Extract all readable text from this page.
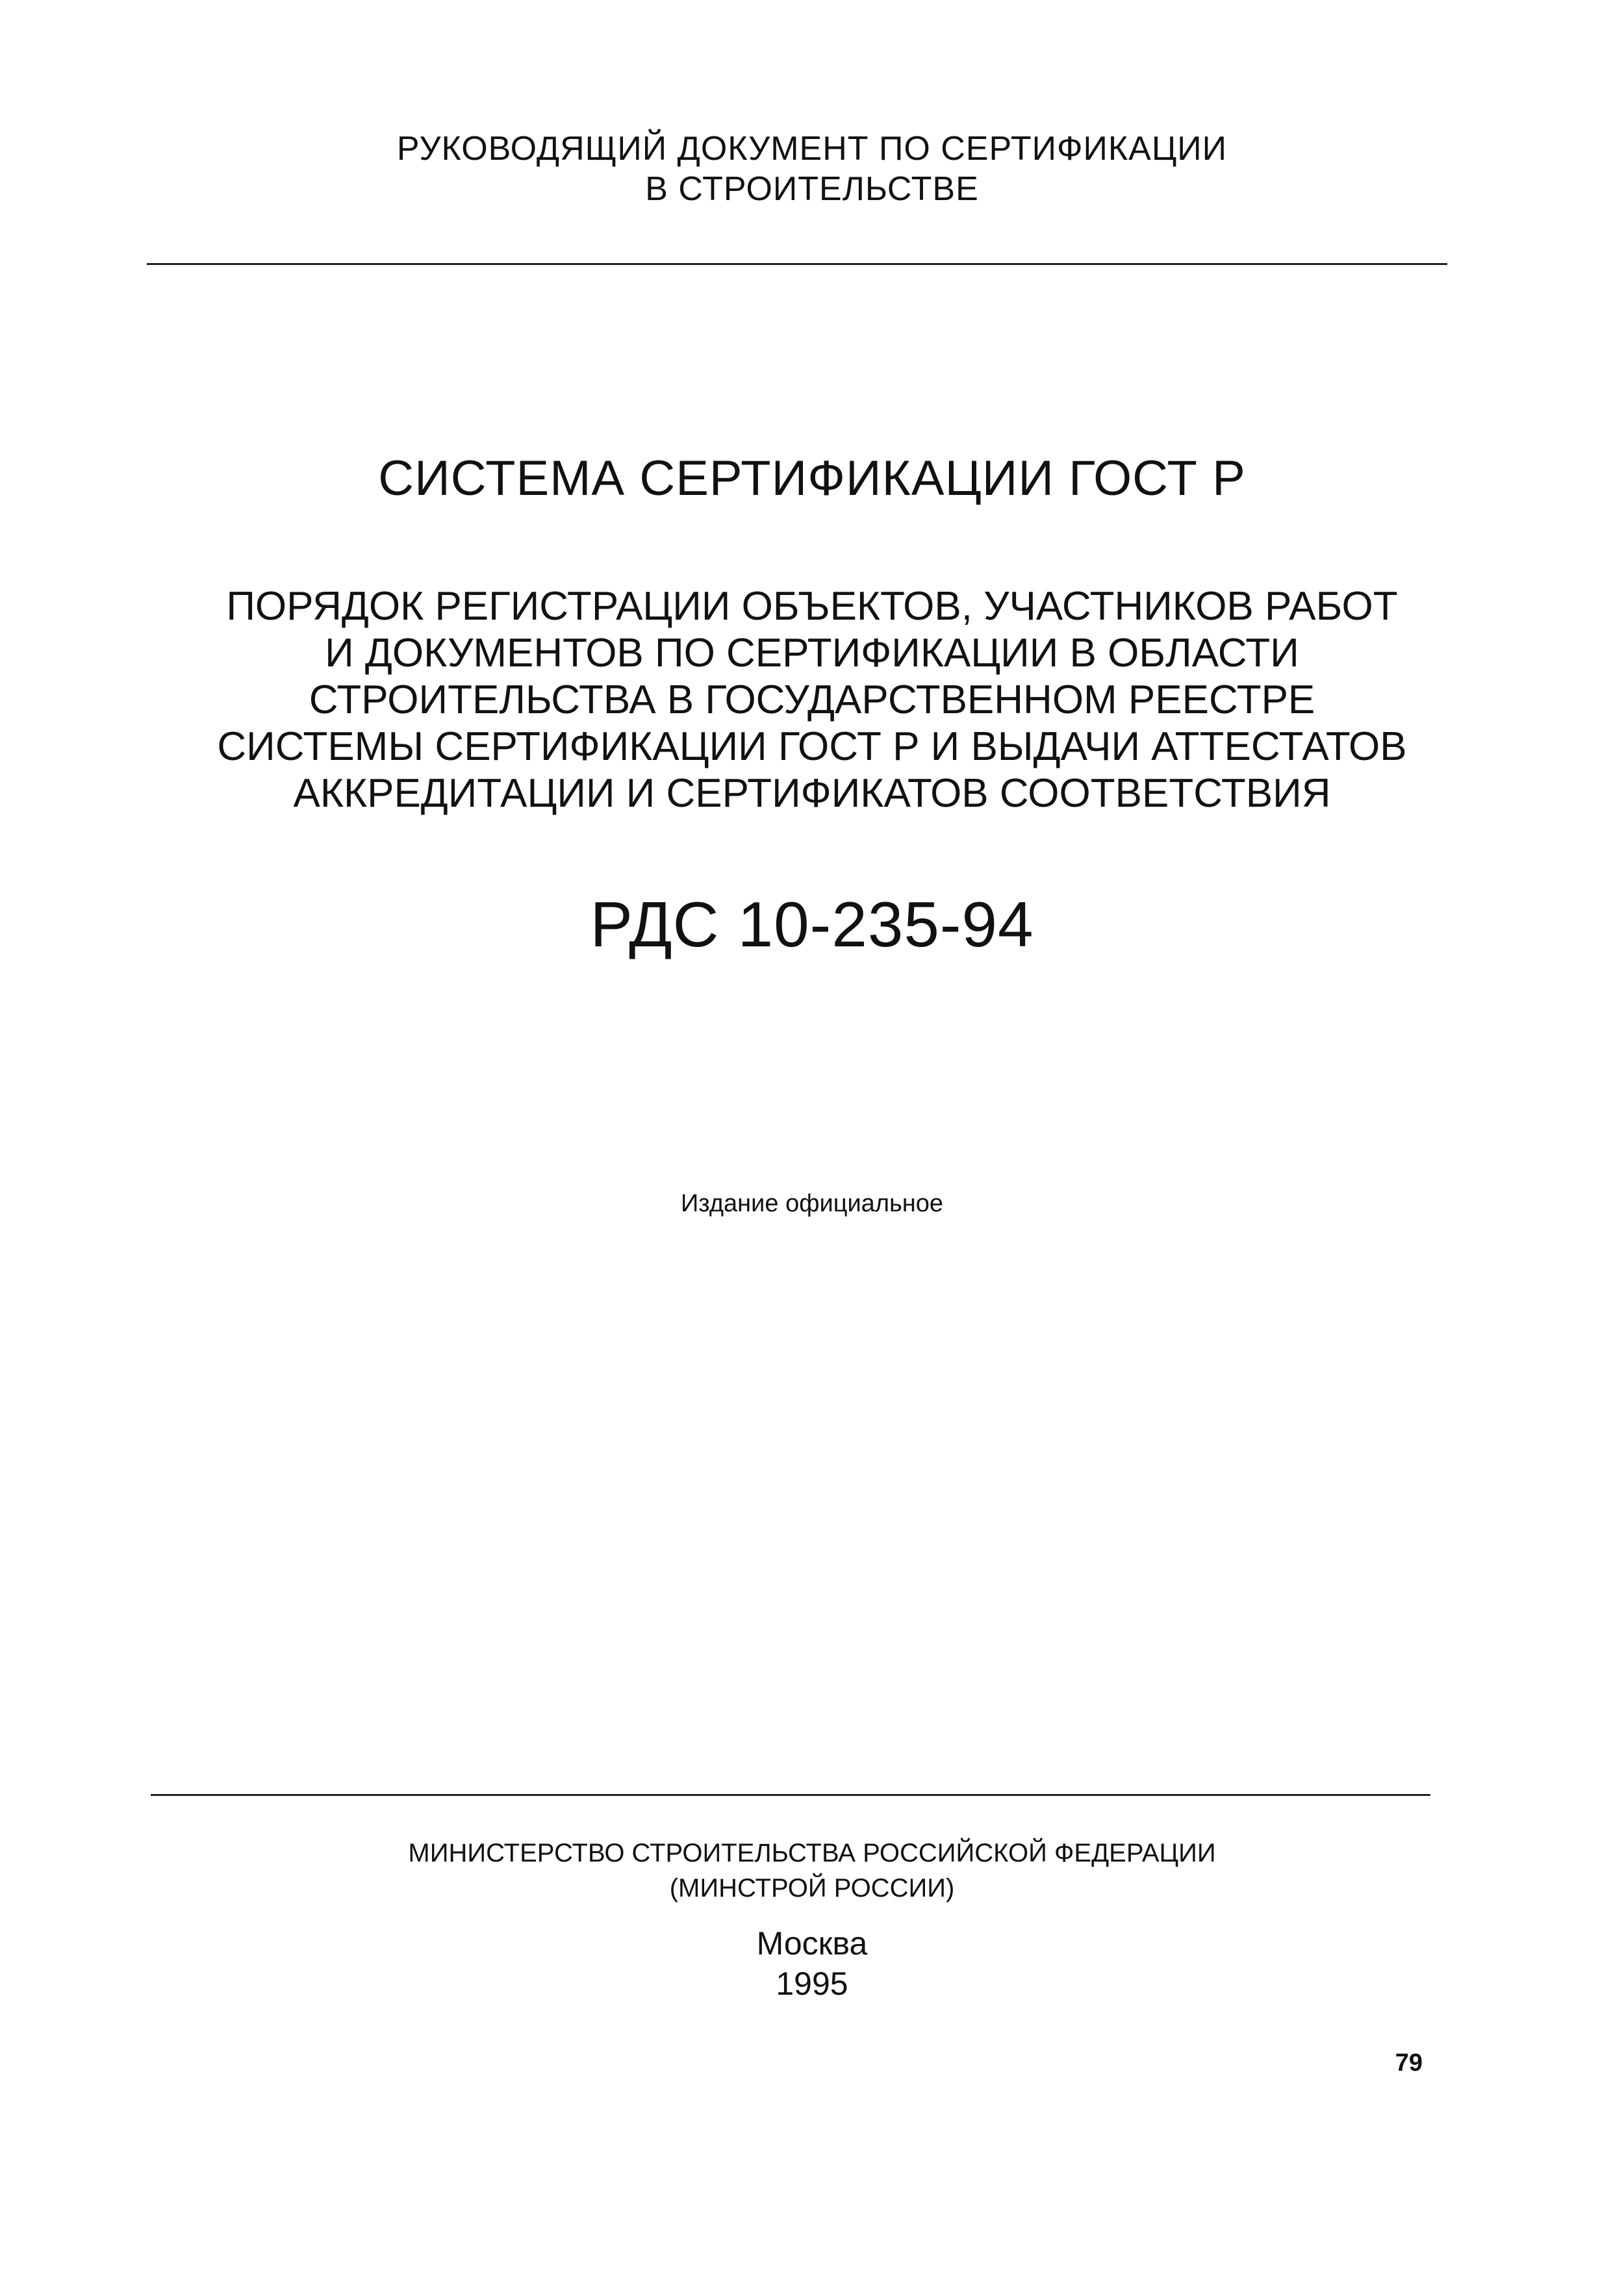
РУКОВОДЯЩИЙ ДОКУМЕНТ ПО СЕРТИФИКАЦИИ
В СТРОИТЕЛЬСТВЕ
СИСТЕМА СЕРТИФИКАЦИИ ГОСТ Р
ПОРЯДОК РЕГИСТРАЦИИ ОБЪЕКТОВ, УЧАСТНИКОВ РАБОТ
И ДОКУМЕНТОВ ПО СЕРТИФИКАЦИИ В ОБЛАСТИ
СТРОИТЕЛЬСТВА В ГОСУДАРСТВЕННОМ РЕЕСТРЕ
СИСТЕМЫ СЕРТИФИКАЦИИ ГОСТ Р И ВЫДАЧИ АТТЕСТАТОВ
АККРЕДИТАЦИИ И СЕРТИФИКАТОВ СООТВЕТСТВИЯ
РДС 10-235-94
Издание официальное
МИНИСТЕРСТВО СТРОИТЕЛЬСТВА РОССИЙСКОЙ ФЕДЕРАЦИИ
(МИНСТРОЙ РОССИИ)
Москва
1995
79
